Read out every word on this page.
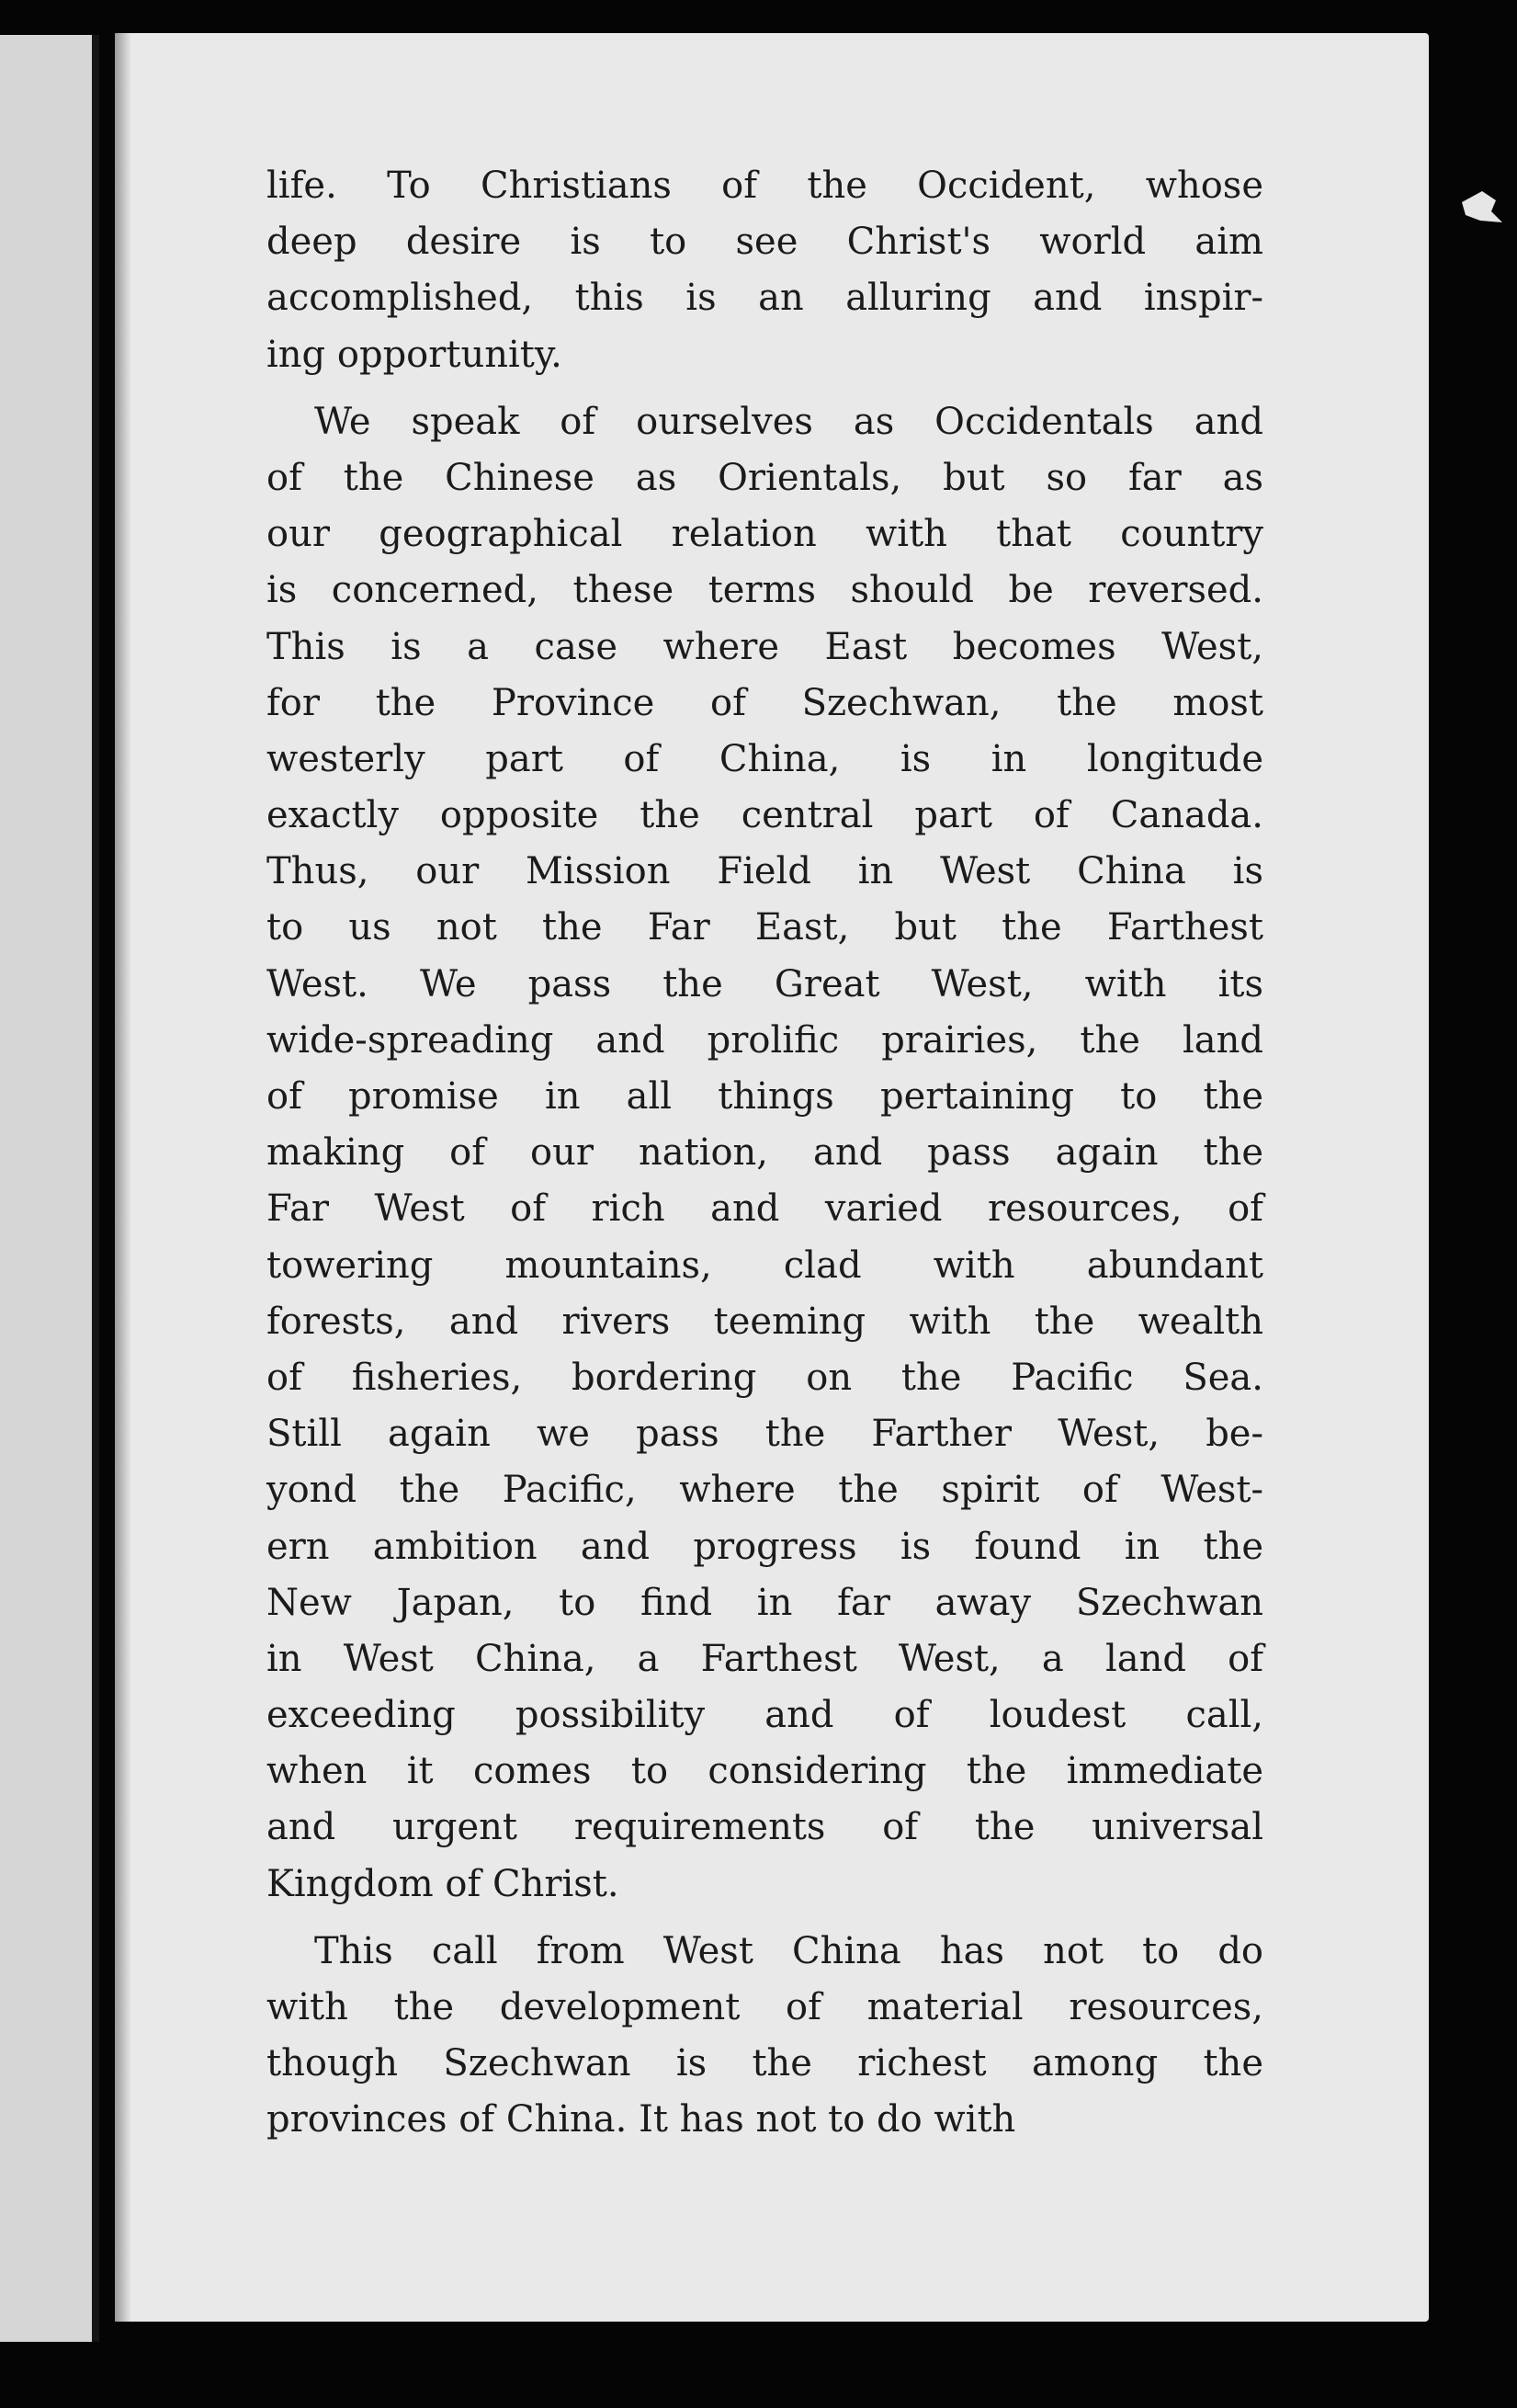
life. To Christians of the Occident, whose
deep desire is to see Christ's world aim
accomplished, this is an alluring and inspir-
ing opportunity.
We speak of ourselves as Occidentals and
of the Chinese as Orientals, but so far as
our geographical relation with that country
is concerned, these terms should be reversed.
This is a case where East becomes West,
for the Province of Szechwan, the most
westerly part of China, is in longitude
exactly opposite the central part of Canada.
Thus, our Mission Field in West China is
to us not the Far East, but the Farthest
West. We pass the Great West, with its
wide-spreading and prolific prairies, the land
of promise in all things pertaining to the
making of our nation, and pass again the
Far West of rich and varied resources, of
towering mountains, clad with abundant
forests, and rivers teeming with the wealth
of fisheries, bordering on the Pacific Sea.
Still again we pass the Farther West, be-
yond the Pacific, where the spirit of West-
ern ambition and progress is found in the
New Japan, to find in far away Szechwan
in West China, a Farthest West, a land of
exceeding possibility and of loudest call,
when it comes to considering the immediate
and urgent requirements of the universal
Kingdom of Christ.
This call from West China has not to do
with the development of material resources,
though Szechwan is the richest among the
provinces of China. It has not to do with
